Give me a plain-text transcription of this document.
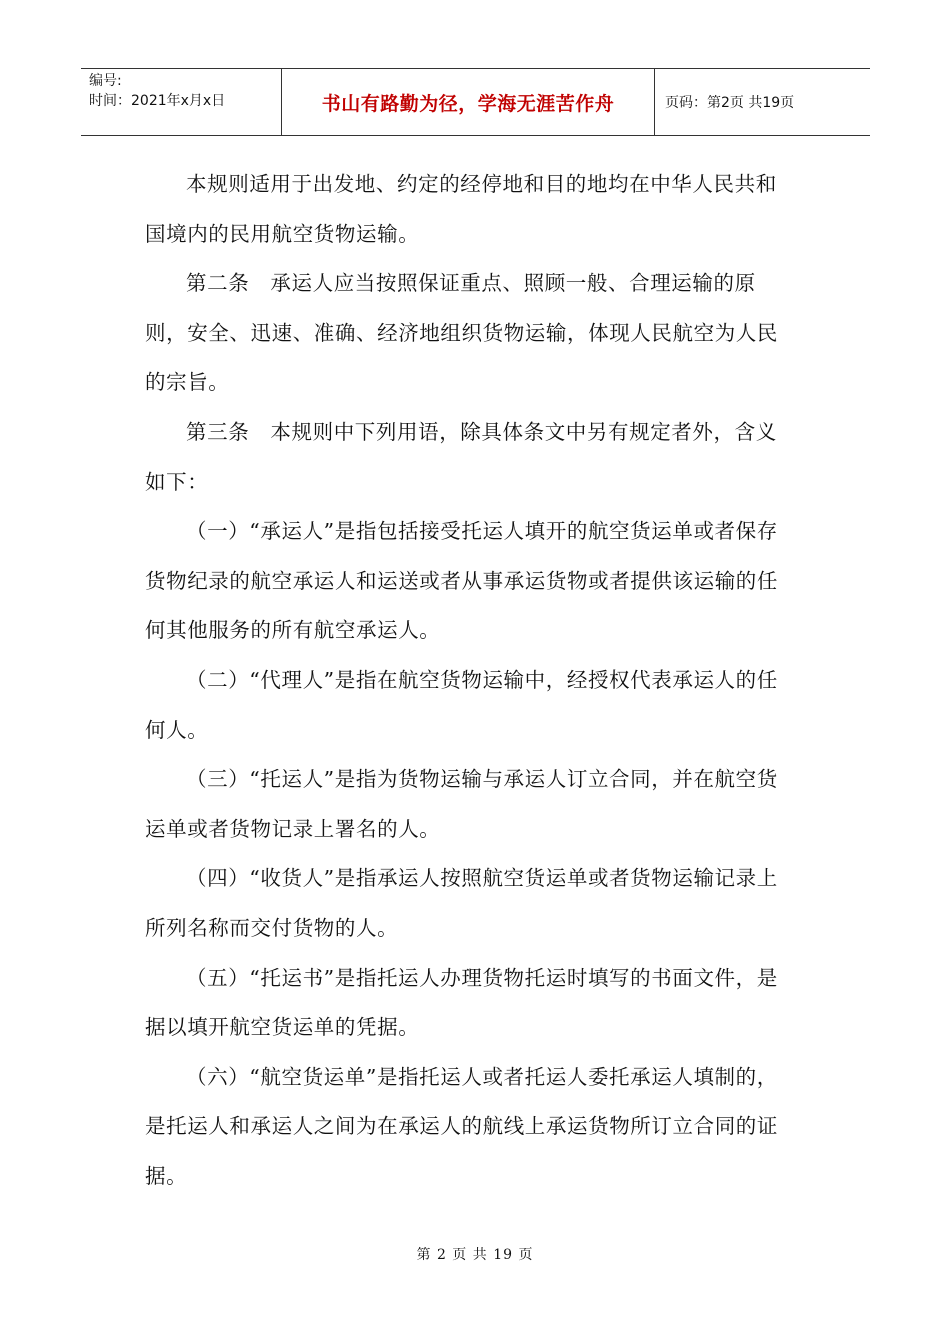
编号:
时间：2021年x月x日	书山有路勤为径，学海无涯苦作舟	页码：第2页 共19页

本规则适用于出发地、约定的经停地和目的地均在中华人民共和国境内的民用航空货物运输。

第二条　承运人应当按照保证重点、照顾一般、合理运输的原则，安全、迅速、准确、经济地组织货物运输，体现人民航空为人民的宗旨。

第三条　本规则中下列用语，除具体条文中另有规定者外，含义如下：

（一）“承运人”是指包括接受托运人填开的航空货运单或者保存货物纪录的航空承运人和运送或者从事承运货物或者提供该运输的任何其他服务的所有航空承运人。

（二）“代理人”是指在航空货物运输中，经授权代表承运人的任何人。

（三）“托运人”是指为货物运输与承运人订立合同，并在航空货运单或者货物记录上署名的人。

（四）“收货人”是指承运人按照航空货运单或者货物运输记录上所列名称而交付货物的人。

（五）“托运书”是指托运人办理货物托运时填写的书面文件，是据以填开航空货运单的凭据。

（六）“航空货运单”是指托运人或者托运人委托承运人填制的，是托运人和承运人之间为在承运人的航线上承运货物所订立合同的证据。

第 2 页 共 19 页
